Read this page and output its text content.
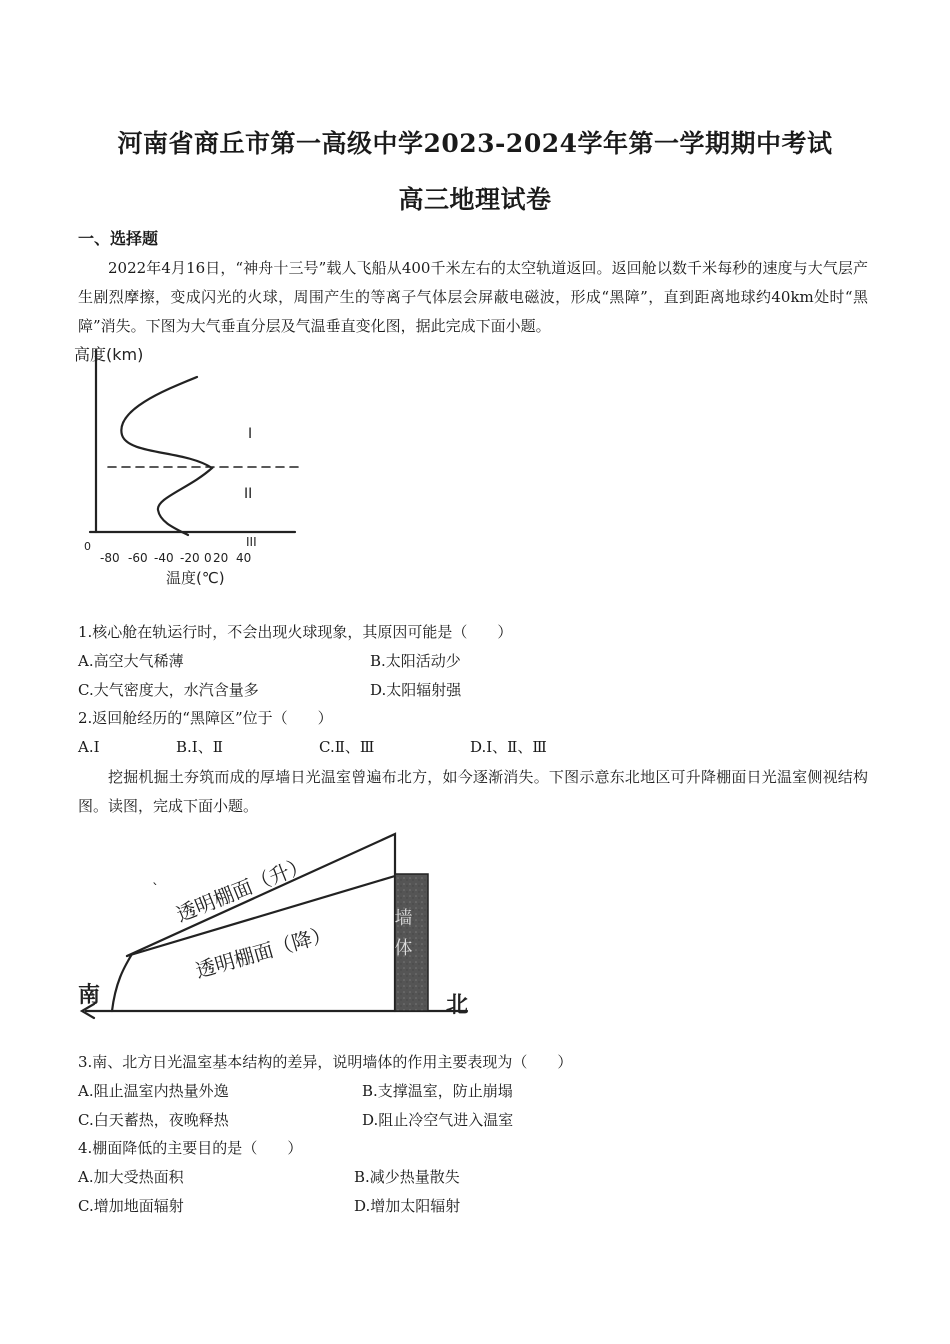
河南省商丘市第一高级中学2023-2024学年第一学期期中考试
高三地理试卷
一、选择题
2022年4月16日，“神舟十三号”载人飞船从400千米左右的太空轨道返回。返回舱以数千米每秒的速度与大气层产生剧烈摩擦，变成闪光的火球，周围产生的等离子气体层会屏蔽电磁波，形成“黑障”，直到距离地球约40km处时“黑障”消失。下图为大气垂直分层及气温垂直变化图，据此完成下面小题。
高度(km)
I
II
III
0
-80 -60 -40 -20 0 20 40
温度(℃)
1.核心舱在轨运行时，不会出现火球现象，其原因可能是（　　）
A.高空大气稀薄	B.太阳活动少
C.大气密度大，水汽含量多	D.太阳辐射强
2.返回舱经历的“黑障区”位于（　　）
A.Ⅰ	B.Ⅰ、Ⅱ	C.Ⅱ、Ⅲ	D.Ⅰ、Ⅱ、Ⅲ
挖掘机掘土夯筑而成的厚墙日光温室曾遍布北方，如今逐渐消失。下图示意东北地区可升降棚面日光温室侧视结构图。读图，完成下面小题。
透明棚面（升）
透明棚面（降）	墙体
南	北
ˋ
3.南、北方日光温室基本结构的差异，说明墙体的作用主要表现为（　　）
A.阻止温室内热量外逸	B.支撑温室，防止崩塌
C.白天蓄热，夜晚释热	D.阻止冷空气进入温室
4.棚面降低的主要目的是（　　）
A.加大受热面积	B.减少热量散失
C.增加地面辐射	D.增加太阳辐射
